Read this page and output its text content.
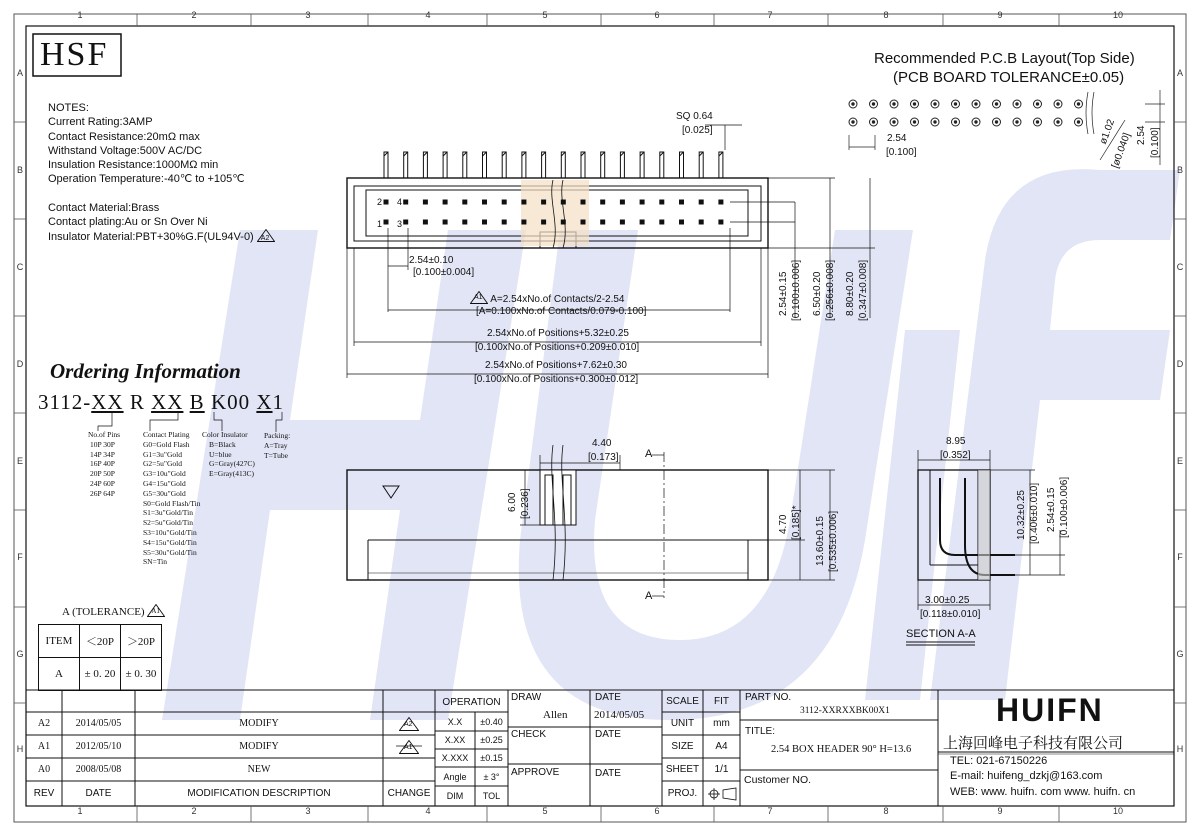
1
1
2
2
3
3
4
4
5
5
6
6
7
7
8
8
9
9
10
10
A	A
B	B
C	C
D	D
E	E
F	F
G	G
H	H
HSF
NOTES:
Current Rating:3AMP
Contact Resistance:20mΩ max
Withstand Voltage:500V AC/DC
Insulation Resistance:1000MΩ min
Operation Temperature:-40℃ to +105℃
Contact Material:Brass
Contact plating:Au or Sn Over Ni
Insulator Material:PBT+30%G.F(UL94V-0) A2
Recommended P.C.B Layout(Top Side)
(PCB BOARD TOLERANCE±0.05)
2.54
[0.100]
ø1.02
[ø0.040] 2.54 [0.100]
SQ 0.64
[0.025]
2 4
1 3
2.54±0.10
[0.100±0.004]
A1 A=2.54xNo.of Contacts/2-2.54
[A=0.100xNo.of Contacts/0.079-0.100]
2.54xNo.of Positions+5.32±0.25
[0.100xNo.of Positions+0.209±0.010]
2.54xNo.of Positions+7.62±0.30
[0.100xNo.of Positions+0.300±0.012]
2.54±0.15 [0.100±0.006] 6.50±0.20 [0.256±0.008] 8.80±0.20 [0.347±0.008]
Ordering Information
3112-XX R XX B K00 X1
No.of Pins
10P 30P
14P 34P
16P 40P
20P 50P
24P 60P
26P 64P
Contact Plating
G0=Gold Flash
G1=3u"Gold
G2=5u"Gold
G3=10u"Gold
G4=15u"Gold
G5=30u"Gold
S0=Gold Flash/Tin
S1=3u"Gold/Tin
S2=5u"Gold/Tin
S3=10u"Gold/Tin
S4=15u"Gold/Tin
S5=30u"Gold/Tin
SN=Tin
Color Insulator
B=Black
U=blue
G=Gray(427C)
E=Gray(413C)
Packing:
A=Tray
T=Tube
4.40
[0.173]
6.00 [0.236]
A
A
4.70 [0.185]* 13.60±0.15 [0.535±0.006]
8.95
[0.352]
10.32±0.25 [0.406±0.010] 2.54±0.15 [0.100±0.006]
3.00±0.25
[0.118±0.010]
SECTION A-A
A (TOLERANCE) A1
ITEM	＜20P	＞20P
A	± 0. 20	± 0. 30
A2	2014/05/05	MODIFY	A2
A1	2012/05/10	MODIFY	A1
A0	2008/05/08	NEW
REV	DATE	MODIFICATION DESCRIPTION	CHANGE
OPERATION
X.X	±0.40
X.XX	±0.25
X.XXX	±0.15
Angle	± 3°
DIM	TOL
DRAW
Allen
DATE
2014/05/05
CHECK	DATE
APPROVE	DATE
SCALE	FIT
UNIT	mm
SIZE	A4
SHEET	1/1
PROJ.
PART NO.
3112-XXRXXBK00X1
TITLE:
2.54 BOX HEADER 90° H=13.6
Customer NO.
HUIFN
上海回峰电子科技有限公司
TEL: 021-67150226
E-mail: huifeng_dzkj@163.com
WEB: www. huifn. com www. huifn. cn
